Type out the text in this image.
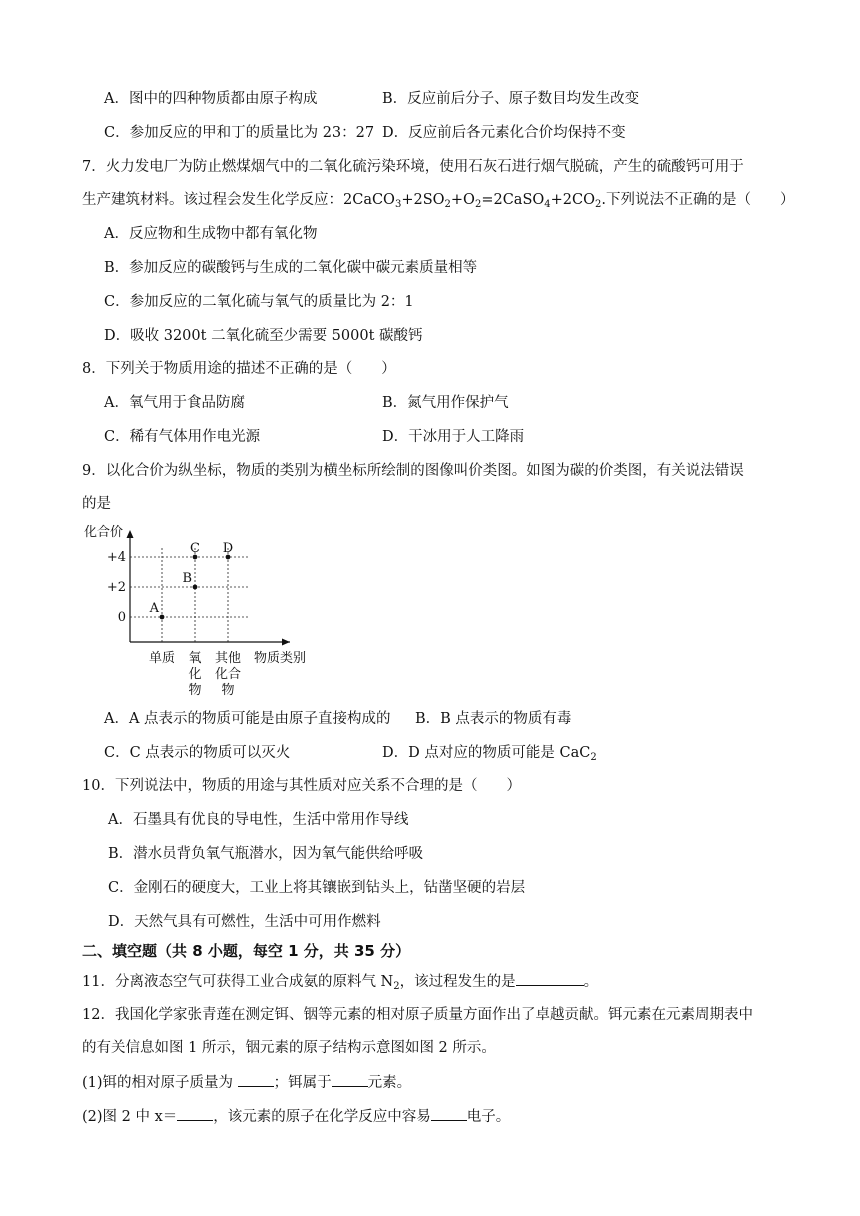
A．图中的四种物质都由原子构成	B．反应前后分子、原子数目均发生改变
C．参加反应的甲和丁的质量比为 23：27 D．反应前后各元素化合价均保持不变
7．火力发电厂为防止燃煤烟气中的二氧化硫污染环境，使用石灰石进行烟气脱硫，产生的硫酸钙可用于
生产建筑材料。该过程会发生化学反应：$2CaCO_3+2SO_2+O_2=2CaSO_4+2CO_2$.下列说法不正确的是（　　）
A．反应物和生成物中都有氧化物
B．参加反应的碳酸钙与生成的二氧化碳中碳元素质量相等
C．参加反应的二氧化硫与氧气的质量比为 2：1
D．吸收 3200t 二氧化硫至少需要 5000t 碳酸钙
8．下列关于物质用途的描述不正确的是（　　）
A．氧气用于食品防腐	B．氮气用作保护气
C．稀有气体用作电光源	D．干冰用于人工降雨
9．以化合价为纵坐标，物质的类别为横坐标所绘制的图像叫价类图。如图为碳的价类图，有关说法错误
的是
化合价
+4
+2
0
单质 氧
化
物
其他
化合
物
物质类别
A
B
C D
A．A 点表示的物质可能是由原子直接构成的 B．B 点表示的物质有毒
C．C 点表示的物质可以灭火	D．D 点对应的物质可能是 CaC$_2$
10．下列说法中，物质的用途与其性质对应关系不合理的是（　　）
A．石墨具有优良的导电性，生活中常用作导线
B．潜水员背负氧气瓶潜水，因为氧气能供给呼吸
C．金刚石的硬度大，工业上将其镶嵌到钻头上，钻凿坚硬的岩层
D．天然气具有可燃性，生活中可用作燃料
二、填空题（共 8 小题，每空 1 分，共 35 分）
11．分离液态空气可获得工业合成氨的原料气 $N_2$，该过程发生的是	。
12．我国化学家张青莲在测定铒、铟等元素的相对原子质量方面作出了卓越贡献。铒元素在元素周期表中
的有关信息如图 1 所示，铟元素的原子结构示意图如图 2 所示。
(1)铒的相对原子质量为 ；铒属于 元素。
(2)图 2 中 x＝ ，该元素的原子在化学反应中容易 电子。
